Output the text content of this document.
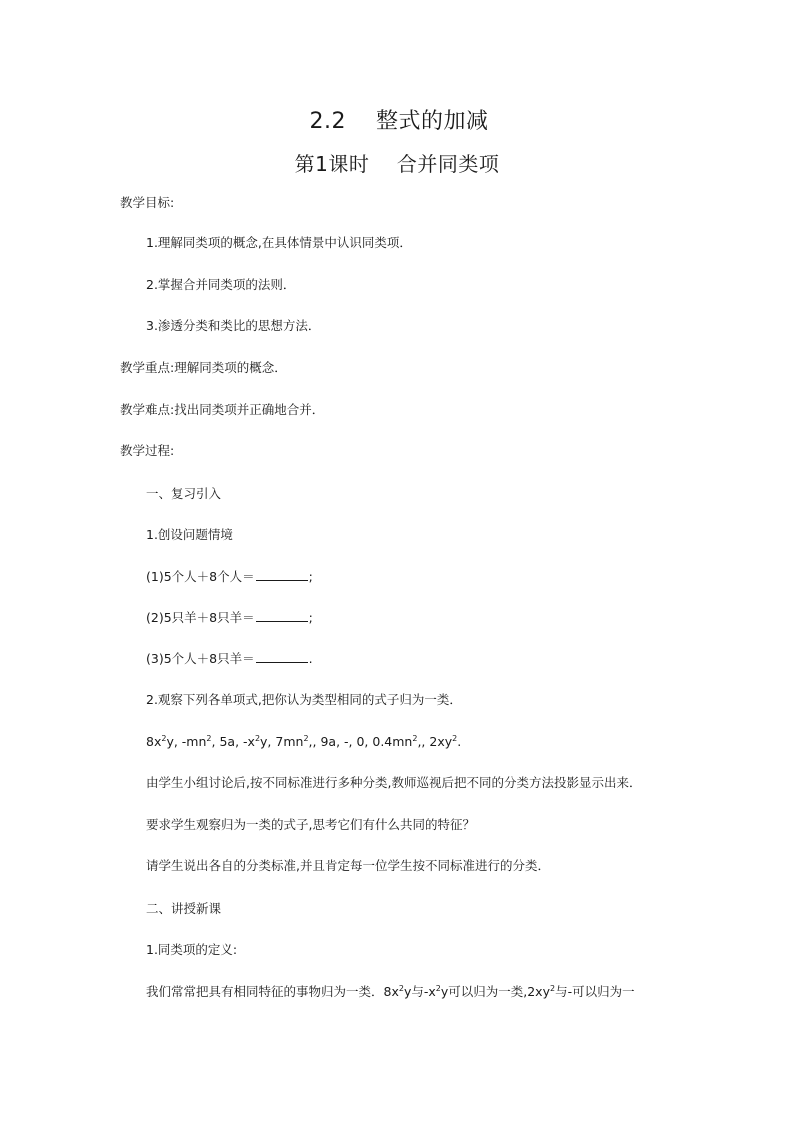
2.2 整式的加减
第1课时 合并同类项
教学目标:
1.理解同类项的概念,在具体情景中认识同类项．
2.掌握合并同类项的法则．
3.渗透分类和类比的思想方法．
教学重点:理解同类项的概念．
教学难点:找出同类项并正确地合并．
教学过程:
一、复习引入
1.创设问题情境
(1)5个人＋8个人＝	;
(2)5只羊＋8只羊＝	;
(3)5个人＋8只羊＝	.
2.观察下列各单项式,把你认为类型相同的式子归为一类．
$8x^2y$, $-mn^2$, 5a, $-x^2y$, $7mn^2$,, 9a, -, 0, $0.4mn^2$,, $2xy^2$.
由学生小组讨论后,按不同标准进行多种分类,教师巡视后把不同的分类方法投影显示出来．
要求学生观察归为一类的式子,思考它们有什么共同的特征？
请学生说出各自的分类标准,并且肯定每一位学生按不同标准进行的分类．
二、讲授新课
1.同类项的定义:
我们常常把具有相同特征的事物归为一类．$8x^2y$与$-x^2y$可以归为一类$,2xy^2$与-可以归为一
